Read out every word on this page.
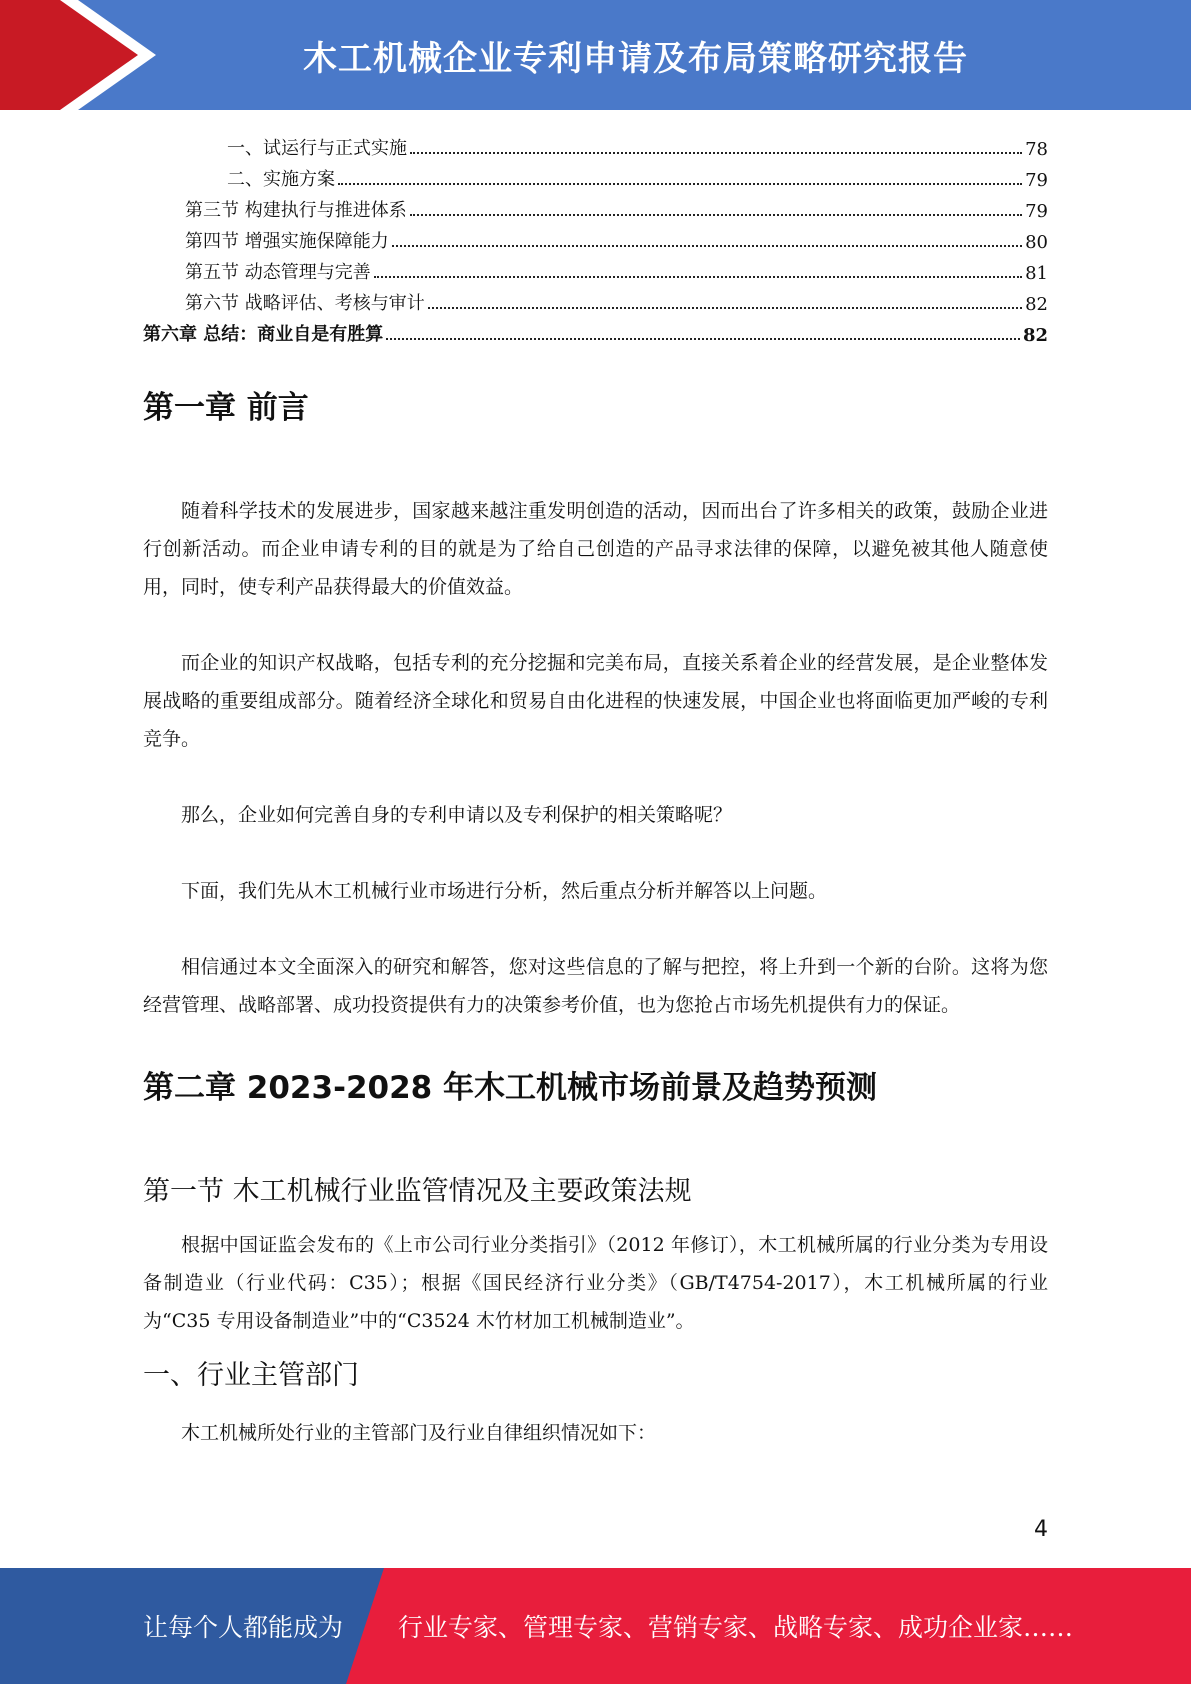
木工机械企业专利申请及布局策略研究报告
一、试运行与正式实施	78
二、实施方案	79
第三节 构建执行与推进体系	79
第四节 增强实施保障能力	80
第五节 动态管理与完善	81
第六节 战略评估、考核与审计	82
第六章 总结：商业自是有胜算	82
第一章 前言

随着科学技术的发展进步，国家越来越注重发明创造的活动，因而出台了许多相关的政策，鼓励企业进行创新活动。而企业申请专利的目的就是为了给自己创造的产品寻求法律的保障，以避免被其他人随意使用，同时，使专利产品获得最大的价值效益。

而企业的知识产权战略，包括专利的充分挖掘和完美布局，直接关系着企业的经营发展，是企业整体发展战略的重要组成部分。随着经济全球化和贸易自由化进程的快速发展，中国企业也将面临更加严峻的专利竞争。

那么，企业如何完善自身的专利申请以及专利保护的相关策略呢？

下面，我们先从木工机械行业市场进行分析，然后重点分析并解答以上问题。

相信通过本文全面深入的研究和解答，您对这些信息的了解与把控，将上升到一个新的台阶。这将为您经营管理、战略部署、成功投资提供有力的决策参考价值，也为您抢占市场先机提供有力的保证。

第二章 2023-2028 年木工机械市场前景及趋势预测
第一节 木工机械行业监管情况及主要政策法规

根据中国证监会发布的《上市公司行业分类指引》（2012 年修订），木工机械所属的行业分类为专用设备制造业（行业代码：C35）；根据《国民经济行业分类》（GB/T4754-2017），木工机械所属的行业为“C35 专用设备制造业”中的“C3524 木竹材加工机械制造业”。

一、行业主管部门

木工机械所处行业的主管部门及行业自律组织情况如下：

4
让每个人都能成为 行业专家、管理专家、营销专家、战略专家、成功企业家……
